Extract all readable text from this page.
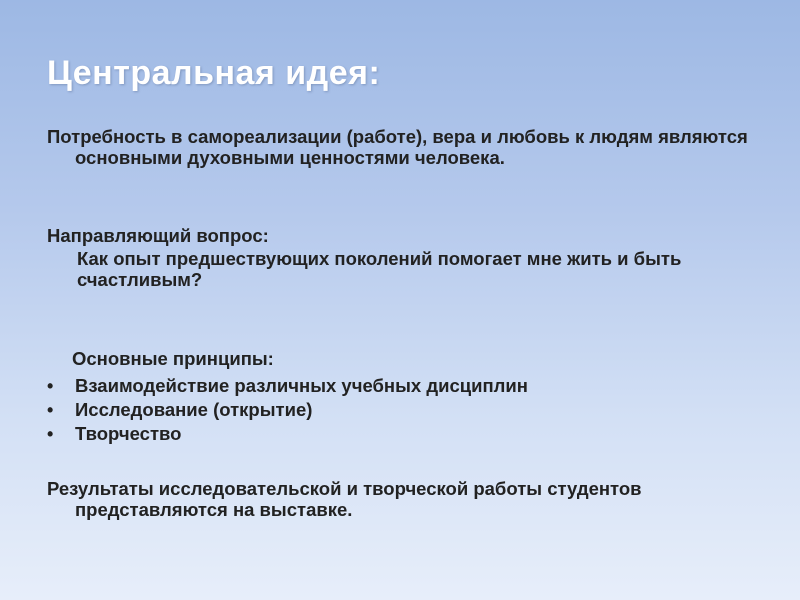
Центральная идея:
Потребность в самореализации (работе), вера и любовь к людям являются основными духовными ценностями человека.
Направляющий вопрос:
Как опыт предшествующих поколений помогает мне жить и быть счастливым?
Основные принципы:
• Взаимодействие различных учебных дисциплин
• Исследование (открытие)
• Творчество
Результаты исследовательской и творческой работы студентов представляются на выставке.
